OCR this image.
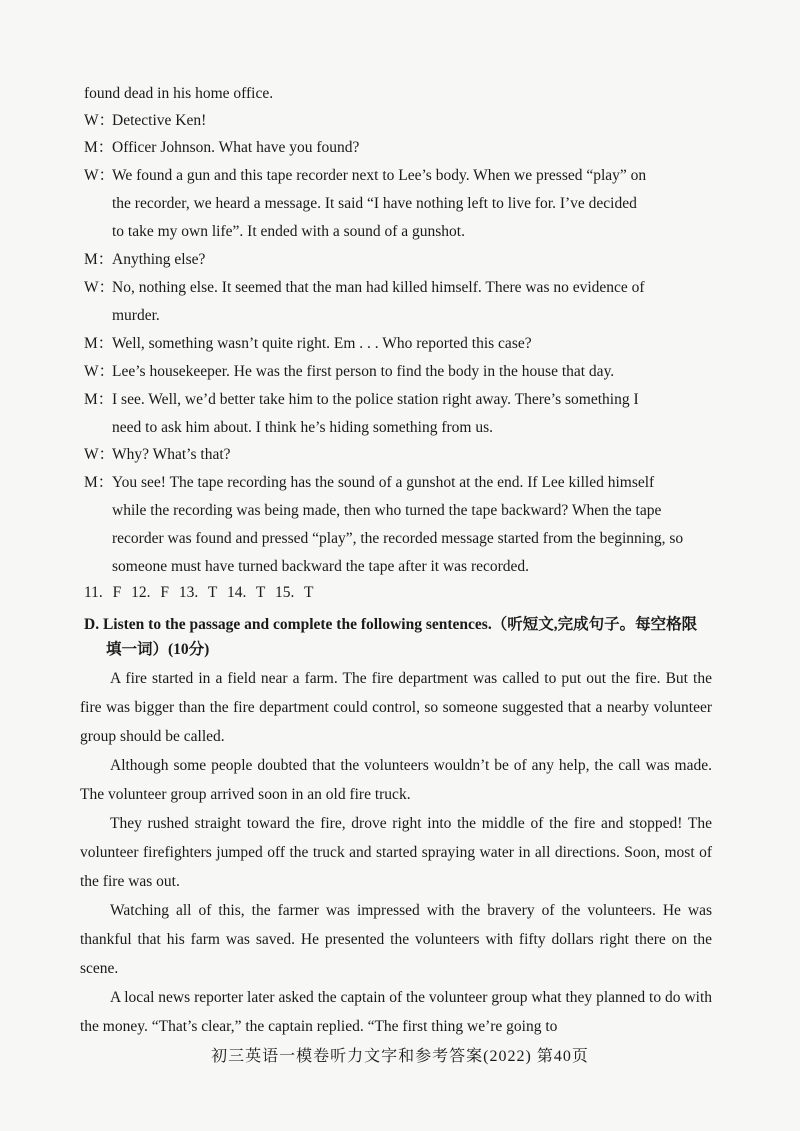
found dead in his home office.
W：
Detective Ken!
M：
Officer Johnson. What have you found?
W：
We found a gun and this tape recorder next to Lee’s body. When we pressed “play” on
the recorder, we heard a message. It said “I have nothing left to live for. I’ve decided
to take my own life”. It ended with a sound of a gunshot.
M：
Anything else?
W：
No, nothing else. It seemed that the man had killed himself. There was no evidence of
murder.
M：
Well, something wasn’t quite right. Em . . . Who reported this case?
W：
Lee’s housekeeper. He was the first person to find the body in the house that day.
M：
I see. Well, we’d better take him to the police station right away. There’s something I
need to ask him about. I think he’s hiding something from us.
W：
Why? What’s that?
M：
You see! The tape recording has the sound of a gunshot at the end. If Lee killed himself
while the recording was being made, then who turned the tape backward? When the tape
recorder was found and pressed “play”, the recorded message started from the beginning, so
someone must have turned backward the tape after it was recorded.
11. F 12. F 13. T 14. T 15. T
D. Listen to the passage and complete the following sentences.（听短文,完成句子。每空格限
填一词）(10分)
A fire started in a field near a farm. The fire department was called to put out the fire. But the fire was bigger than the fire department could control, so someone suggested that a nearby volunteer group should be called.
Although some people doubted that the volunteers wouldn’t be of any help, the call was made. The volunteer group arrived soon in an old fire truck.
They rushed straight toward the fire, drove right into the middle of the fire and stopped! The volunteer firefighters jumped off the truck and started spraying water in all directions. Soon, most of the fire was out.
Watching all of this, the farmer was impressed with the bravery of the volunteers. He was thankful that his farm was saved. He presented the volunteers with fifty dollars right there on the scene.
A local news reporter later asked the captain of the volunteer group what they planned to do with the money. “That’s clear,” the captain replied. “The first thing we’re going to
初三英语一模卷听力文字和参考答案(2022) 第40页
